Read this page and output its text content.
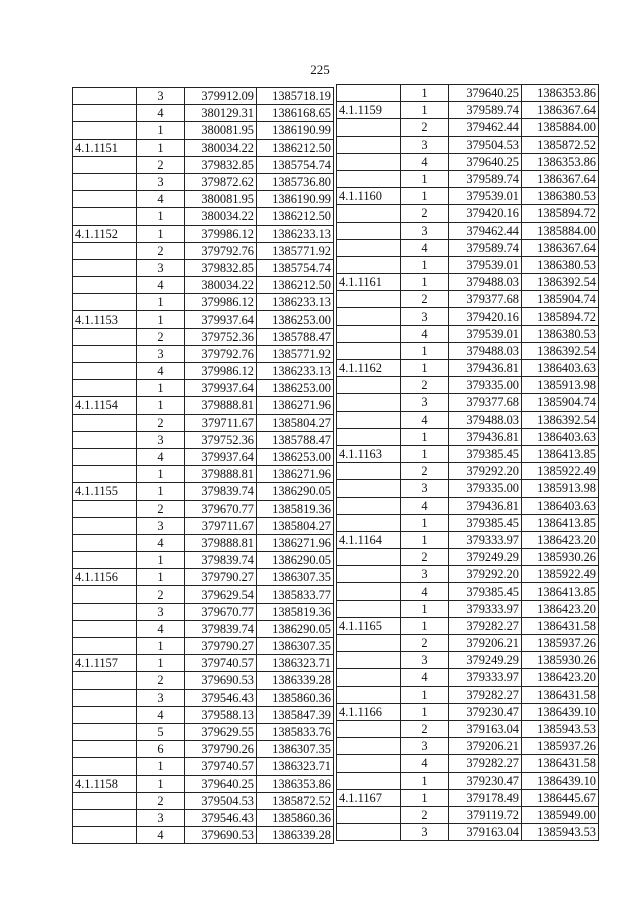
225
	3	379912.09	1385718.19
	4	380129.31	1386168.65
	1	380081.95	1386190.99
4.1.1151	1	380034.22	1386212.50
	2	379832.85	1385754.74
	3	379872.62	1385736.80
	4	380081.95	1386190.99
	1	380034.22	1386212.50
4.1.1152	1	379986.12	1386233.13
	2	379792.76	1385771.92
	3	379832.85	1385754.74
	4	380034.22	1386212.50
	1	379986.12	1386233.13
4.1.1153	1	379937.64	1386253.00
	2	379752.36	1385788.47
	3	379792.76	1385771.92
	4	379986.12	1386233.13
	1	379937.64	1386253.00
4.1.1154	1	379888.81	1386271.96
	2	379711.67	1385804.27
	3	379752.36	1385788.47
	4	379937.64	1386253.00
	1	379888.81	1386271.96
4.1.1155	1	379839.74	1386290.05
	2	379670.77	1385819.36
	3	379711.67	1385804.27
	4	379888.81	1386271.96
	1	379839.74	1386290.05
4.1.1156	1	379790.27	1386307.35
	2	379629.54	1385833.77
	3	379670.77	1385819.36
	4	379839.74	1386290.05
	1	379790.27	1386307.35
4.1.1157	1	379740.57	1386323.71
	2	379690.53	1386339.28
	3	379546.43	1385860.36
	4	379588.13	1385847.39
	5	379629.55	1385833.76
	6	379790.26	1386307.35
	1	379740.57	1386323.71
4.1.1158	1	379640.25	1386353.86
	2	379504.53	1385872.52
	3	379546.43	1385860.36
	4	379690.53	1386339.28
	1	379640.25	1386353.86
4.1.1159	1	379589.74	1386367.64
	2	379462.44	1385884.00
	3	379504.53	1385872.52
	4	379640.25	1386353.86
	1	379589.74	1386367.64
4.1.1160	1	379539.01	1386380.53
	2	379420.16	1385894.72
	3	379462.44	1385884.00
	4	379589.74	1386367.64
	1	379539.01	1386380.53
4.1.1161	1	379488.03	1386392.54
	2	379377.68	1385904.74
	3	379420.16	1385894.72
	4	379539.01	1386380.53
	1	379488.03	1386392.54
4.1.1162	1	379436.81	1386403.63
	2	379335.00	1385913.98
	3	379377.68	1385904.74
	4	379488.03	1386392.54
	1	379436.81	1386403.63
4.1.1163	1	379385.45	1386413.85
	2	379292.20	1385922.49
	3	379335.00	1385913.98
	4	379436.81	1386403.63
	1	379385.45	1386413.85
4.1.1164	1	379333.97	1386423.20
	2	379249.29	1385930.26
	3	379292.20	1385922.49
	4	379385.45	1386413.85
	1	379333.97	1386423.20
4.1.1165	1	379282.27	1386431.58
	2	379206.21	1385937.26
	3	379249.29	1385930.26
	4	379333.97	1386423.20
	1	379282.27	1386431.58
4.1.1166	1	379230.47	1386439.10
	2	379163.04	1385943.53
	3	379206.21	1385937.26
	4	379282.27	1386431.58
	1	379230.47	1386439.10
4.1.1167	1	379178.49	1386445.67
	2	379119.72	1385949.00
	3	379163.04	1385943.53
